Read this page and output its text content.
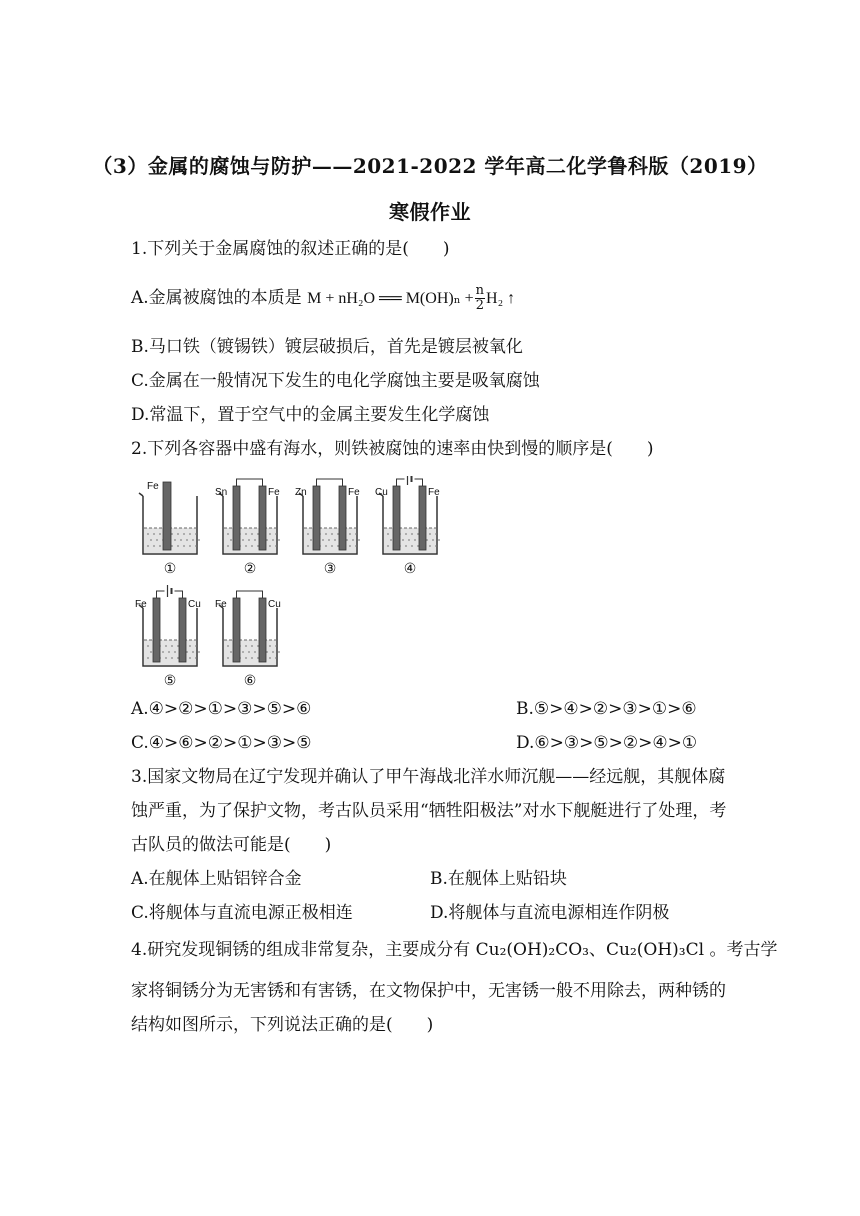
（3）金属的腐蚀与防护——2021-2022 学年高二化学鲁科版（2019）
寒假作业
1.下列关于金属腐蚀的叙述正确的是(　　)
A.金属被腐蚀的本质是 M + nH₂O ══ $M(OH)_n + \frac{n}{2} H_2$ ↑
B.马口铁（镀锡铁）镀层破损后，首先是镀层被氧化
C.金属在一般情况下发生的电化学腐蚀主要是吸氧腐蚀
D.常温下，置于空气中的金属主要发生化学腐蚀
2.下列各容器中盛有海水，则铁被腐蚀的速率由快到慢的顺序是(　　)
Fe
①
Sn	Fe
②
Zn	Fe
③
Cu	Fe
④
Fe	Cu
⑤
Fe	Cu
⑥
A.④>②>①>③>⑤>⑥	B.⑤>④>②>③>①>⑥
C.④>⑥>②>①>③>⑤	D.⑥>③>⑤>②>④>①
3.国家文物局在辽宁发现并确认了甲午海战北洋水师沉舰——经远舰，其舰体腐
蚀严重，为了保护文物，考古队员采用“牺牲阳极法”对水下舰艇进行了处理，考
古队员的做法可能是(　　)
A.在舰体上贴铝锌合金	B.在舰体上贴铅块
C.将舰体与直流电源正极相连	D.将舰体与直流电源相连作阴极
4.研究发现铜锈的组成非常复杂，主要成分有 Cu₂(OH)₂CO₃、Cu₂(OH)₃Cl 。考古学
家将铜锈分为无害锈和有害锈，在文物保护中，无害锈一般不用除去，两种锈的
结构如图所示，下列说法正确的是(　　)
